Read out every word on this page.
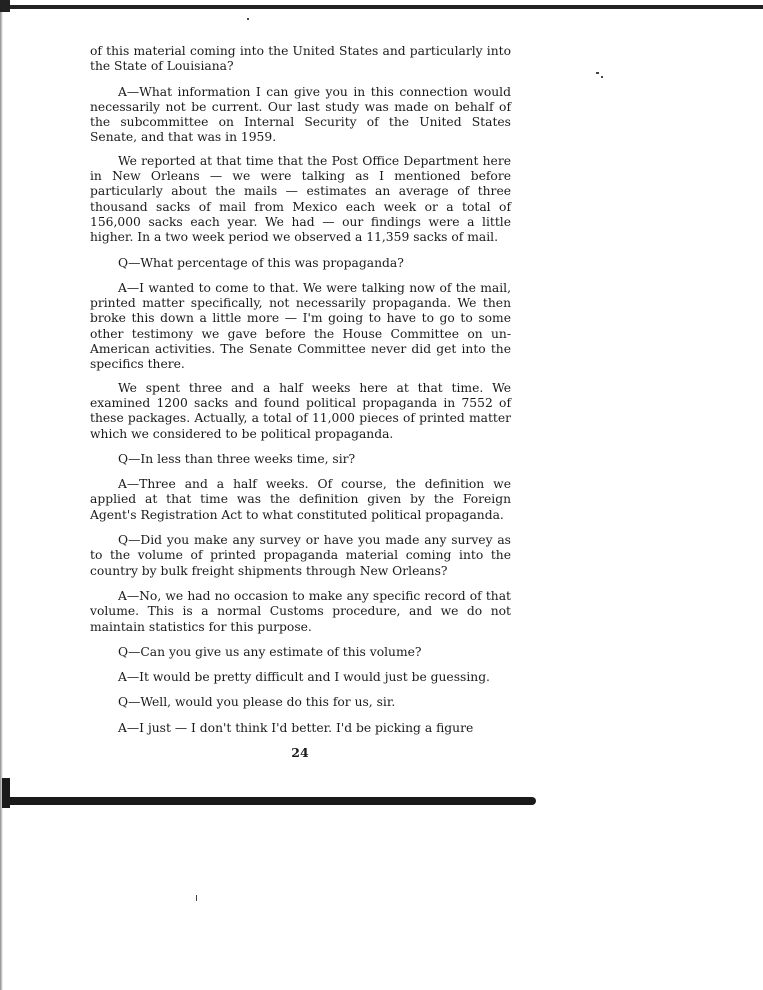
of this material coming into the United States and particularly into the State of Louisiana?

A—What information I can give you in this connection would necessarily not be current. Our last study was made on behalf of the subcommittee on Internal Security of the United States Senate, and that was in 1959.

We reported at that time that the Post Office Department here in New Orleans — we were talking as I mentioned before particularly about the mails — estimates an average of three thousand sacks of mail from Mexico each week or a total of 156,000 sacks each year. We had — our findings were a little higher. In a two week period we observed a 11,359 sacks of mail.

Q—What percentage of this was propaganda?

A—I wanted to come to that. We were talking now of the mail, printed matter specifically, not necessarily propaganda. We then broke this down a little more — I'm going to have to go to some other testimony we gave before the House Committee on un-American activities. The Senate Committee never did get into the specifics there.

We spent three and a half weeks here at that time. We examined 1200 sacks and found political propaganda in 7552 of these packages. Actually, a total of 11,000 pieces of printed matter which we considered to be political propaganda.

Q—In less than three weeks time, sir?

A—Three and a half weeks. Of course, the definition we applied at that time was the definition given by the Foreign Agent's Registration Act to what constituted political propaganda.

Q—Did you make any survey or have you made any survey as to the volume of printed propaganda material coming into the country by bulk freight shipments through New Orleans?

A—No, we had no occasion to make any specific record of that volume. This is a normal Customs procedure, and we do not maintain statistics for this purpose.

Q—Can you give us any estimate of this volume?

A—It would be pretty difficult and I would just be guessing.

Q—Well, would you please do this for us, sir.

A—I just — I don't think I'd better. I'd be picking a figure

24
